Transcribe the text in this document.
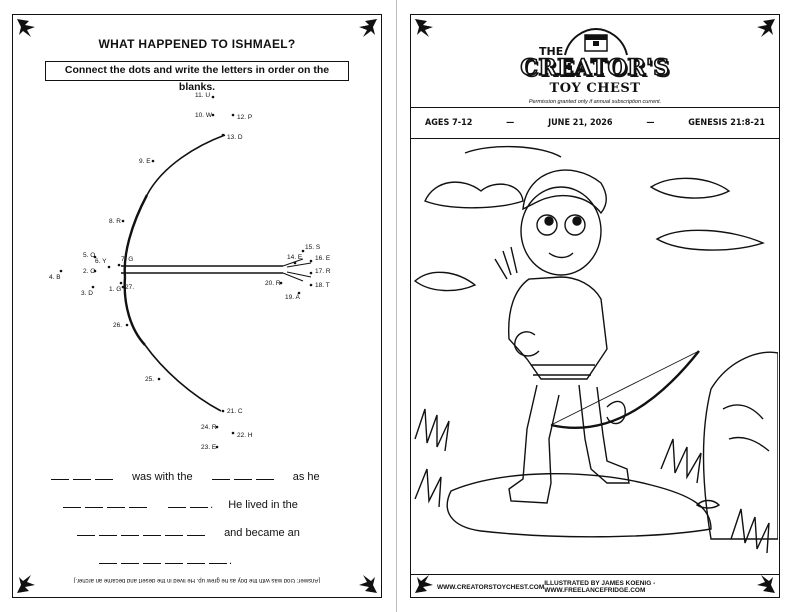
WHAT HAPPENED TO ISHMAEL?
Connect the dots and write the letters in order on the blanks.
1. G
2. O
3. D
4. B
5. O
6. Y 7. G
8. R
9. E
10. W
11. U
12. P
13. D
14. E
15. S
16. E
17. R
18. T
19. A
20. R
21. C
22. H
23. E
24. R
25.
26.
27.
was with the	as he
. He lived in the
and became an
.
[Answer: God was with the boy as he grew up. He lived in the desert and became an archer.]
THE
CREATOR'S
TOY CHEST
Permission granted only if annual subscription current.
AGES 7-12	—	JUNE 21, 2026	—	GENESIS 21:8-21
WWW.CREATORSTOYCHEST.COM ILLUSTRATED BY JAMES KOENIG - WWW.FREELANCEFRIDGE.COM
